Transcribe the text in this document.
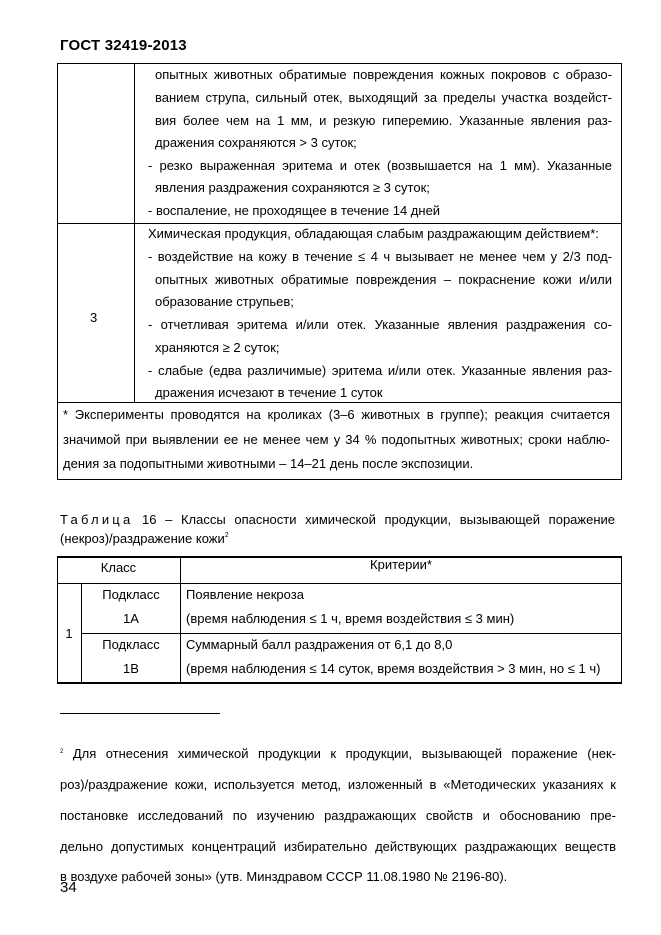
ГОСТ 32419-2013
опытных животных обратимые повреждения кожных покровов с образо-
ванием струпа, сильный отек, выходящий за пределы участка воздейст-
вия более чем на 1 мм, и резкую гиперемию. Указанные явления раз-
дражения сохраняются > 3 суток;
- резко выраженная эритема и отек (возвышается на 1 мм). Указанные
явления раздражения сохраняются ≥ 3 суток;
- воспаление, не проходящее в течение 14 дней
3
Химическая продукция, обладающая слабым раздражающим действием*:
- воздействие на кожу в течение ≤ 4 ч вызывает не менее чем у 2/3 под-
опытных животных обратимые повреждения – покраснение кожи и/или
образование струпьев;
- отчетливая эритема и/или отек. Указанные явления раздражения со-
храняются ≥ 2 суток;
- слабые (едва различимые) эритема и/или отек. Указанные явления раз-
дражения исчезают в течение 1 суток
* Эксперименты проводятся на кроликах (3–6 животных в группе); реакция считается
значимой при выявлении ее не менее чем у 34 % подопытных животных; сроки наблю-
дения за подопытными животными – 14–21 день после экспозиции.
Таблица 16 – Классы опасности химической продукции, вызывающей поражение
(некроз)/раздражение кожи$^2$
Класс	Критерии*
1
Подкласс
1А
Появление некроза
(время наблюдения ≤ 1 ч, время воздействия ≤ 3 мин)
Подкласс
1В
Суммарный балл раздражения от 6,1 до 8,0
(время наблюдения ≤ 14 суток, время воздействия > 3 мин, но ≤ 1 ч)
$^2$ Для отнесения химической продукции к продукции, вызывающей поражение (нек-
роз)/раздражение кожи, используется метод, изложенный в «Методических указаниях к
постановке исследований по изучению раздражающих свойств и обоснованию пре-
дельно допустимых концентраций избирательно действующих раздражающих веществ
в воздухе рабочей зоны» (утв. Минздравом СССР 11.08.1980 № 2196-80).
34
